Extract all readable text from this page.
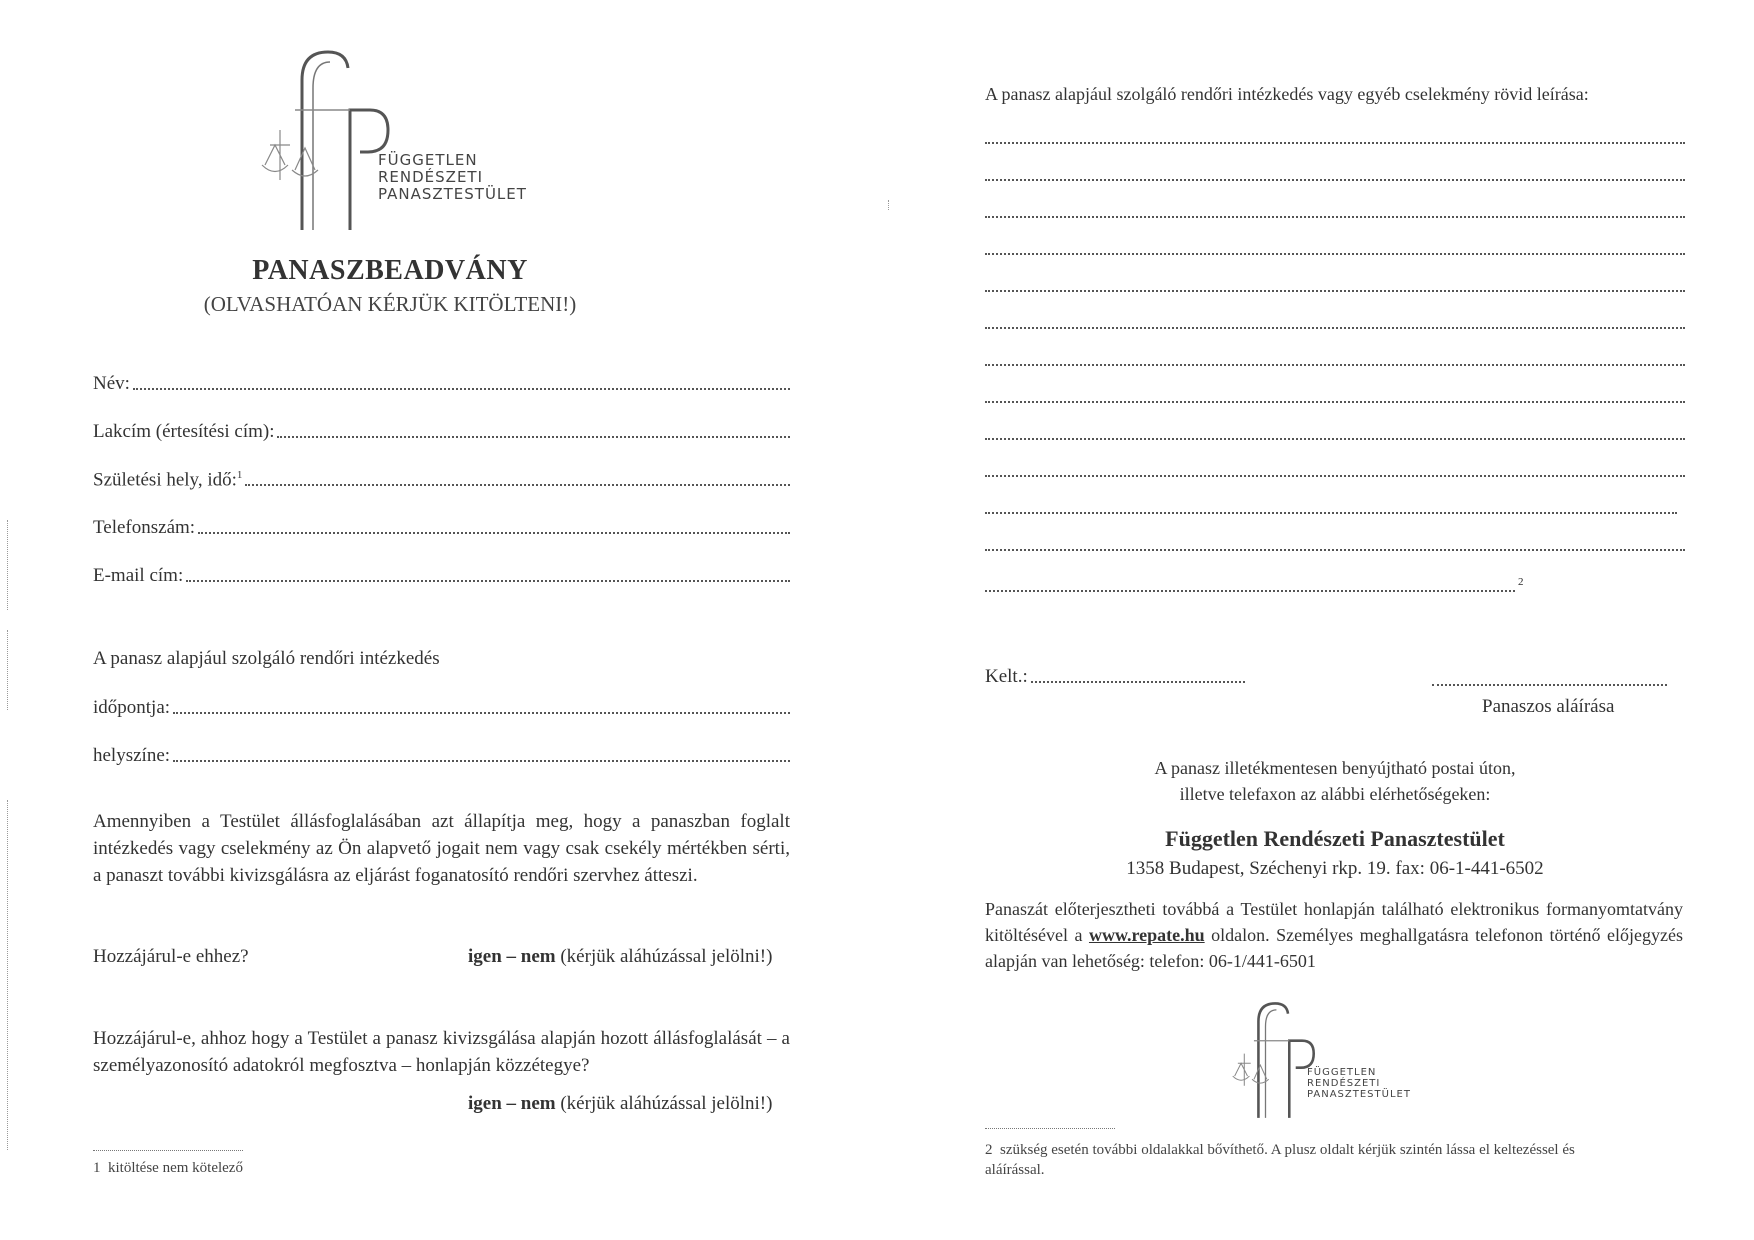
FÜGGETLEN
RENDÉSZETI
PANASZTESTÜLET
PANASZBEADVÁNY
(OLVASHATÓAN KÉRJÜK KITÖLTENI!)
Név:
Lakcím (értesítési cím):
Születési hely, idő:$^1$
Telefonszám:
E-mail cím:
A panasz alapjául szolgáló rendőri intézkedés
időpontja:
helyszíne:
Amennyiben a Testület állásfoglalásában azt állapítja meg, hogy a panaszban foglalt intézkedés vagy cselekmény az Ön alapvető jogait nem vagy csak csekély mértékben sérti, a panaszt további kivizsgálásra az eljárást foganatosító rendőri szervhez átteszi.
Hozzájárul-e ehhez?	igen – nem (kérjük aláhúzással jelölni!)
Hozzájárul-e, ahhoz hogy a Testület a panasz kivizsgálása alapján hozott állásfoglalását – a személyazonosító adatokról megfosztva – honlapján közzétegye?
igen – nem (kérjük aláhúzással jelölni!)
1 kitöltése nem kötelező
A panasz alapjául szolgáló rendőri intézkedés vagy egyéb cselekmény rövid leírása:
2
Kelt.:
Panaszos aláírása
A panasz illetékmentesen benyújtható postai úton,
illetve telefaxon az alábbi elérhetőségeken:
Független Rendészeti Panasztestület
1358 Budapest, Széchenyi rkp. 19. fax: 06-1-441-6502
Panaszát előterjesztheti továbbá a Testület honlapján található elektronikus formanyomtatvány kitöltésével a www.repate.hu oldalon. Személyes meghallgatásra telefonon történő előjegyzés alapján van lehetőség: telefon: 06-1/441-6501
FÜGGETLEN
RENDÉSZETI
PANASZTESTÜLET
2 szükség esetén további oldalakkal bővíthető. A plusz oldalt kérjük szintén lássa el keltezéssel és aláírással.
